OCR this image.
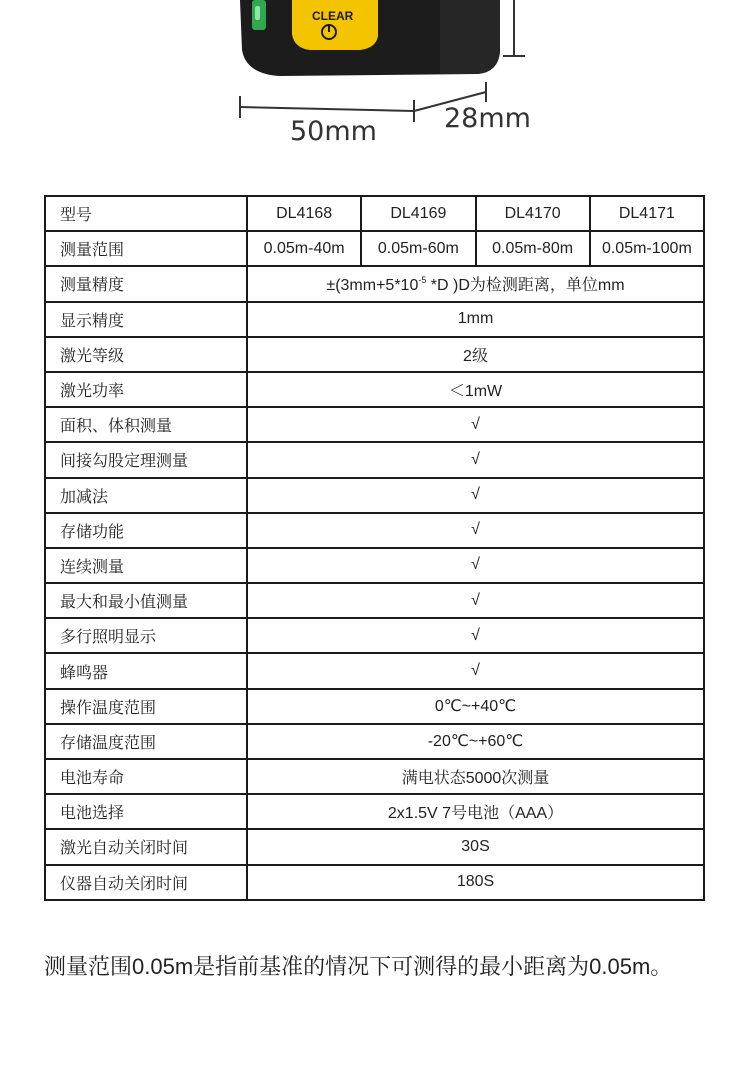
CLEAR
50mm 28mm
型号	DL4168	DL4169	DL4170	DL4171
测量范围	0.05m-40m	0.05m-60m	0.05m-80m	0.05m-100m
测量精度	$\pm(3mm+5*10^{-5}$ *D )D为检测距离，单位mm			
显示精度	1mm			
激光等级	2级			
激光功率	＜1mW			
面积、体积测量	√			
间接勾股定理测量	√			
加减法	√			
存储功能	√			
连续测量	√			
最大和最小值测量	√			
多行照明显示	√			
蜂鸣器	√			
操作温度范围	0℃~+40℃			
存储温度范围	-20℃~+60℃			
电池寿命	满电状态5000次测量			
电池选择	2x1.5V 7号电池（AAA）			
激光自动关闭时间	30S			
仪器自动关闭时间	180S			
测量范围0.05m是指前基准的情况下可测得的最小距离为0.05m。
